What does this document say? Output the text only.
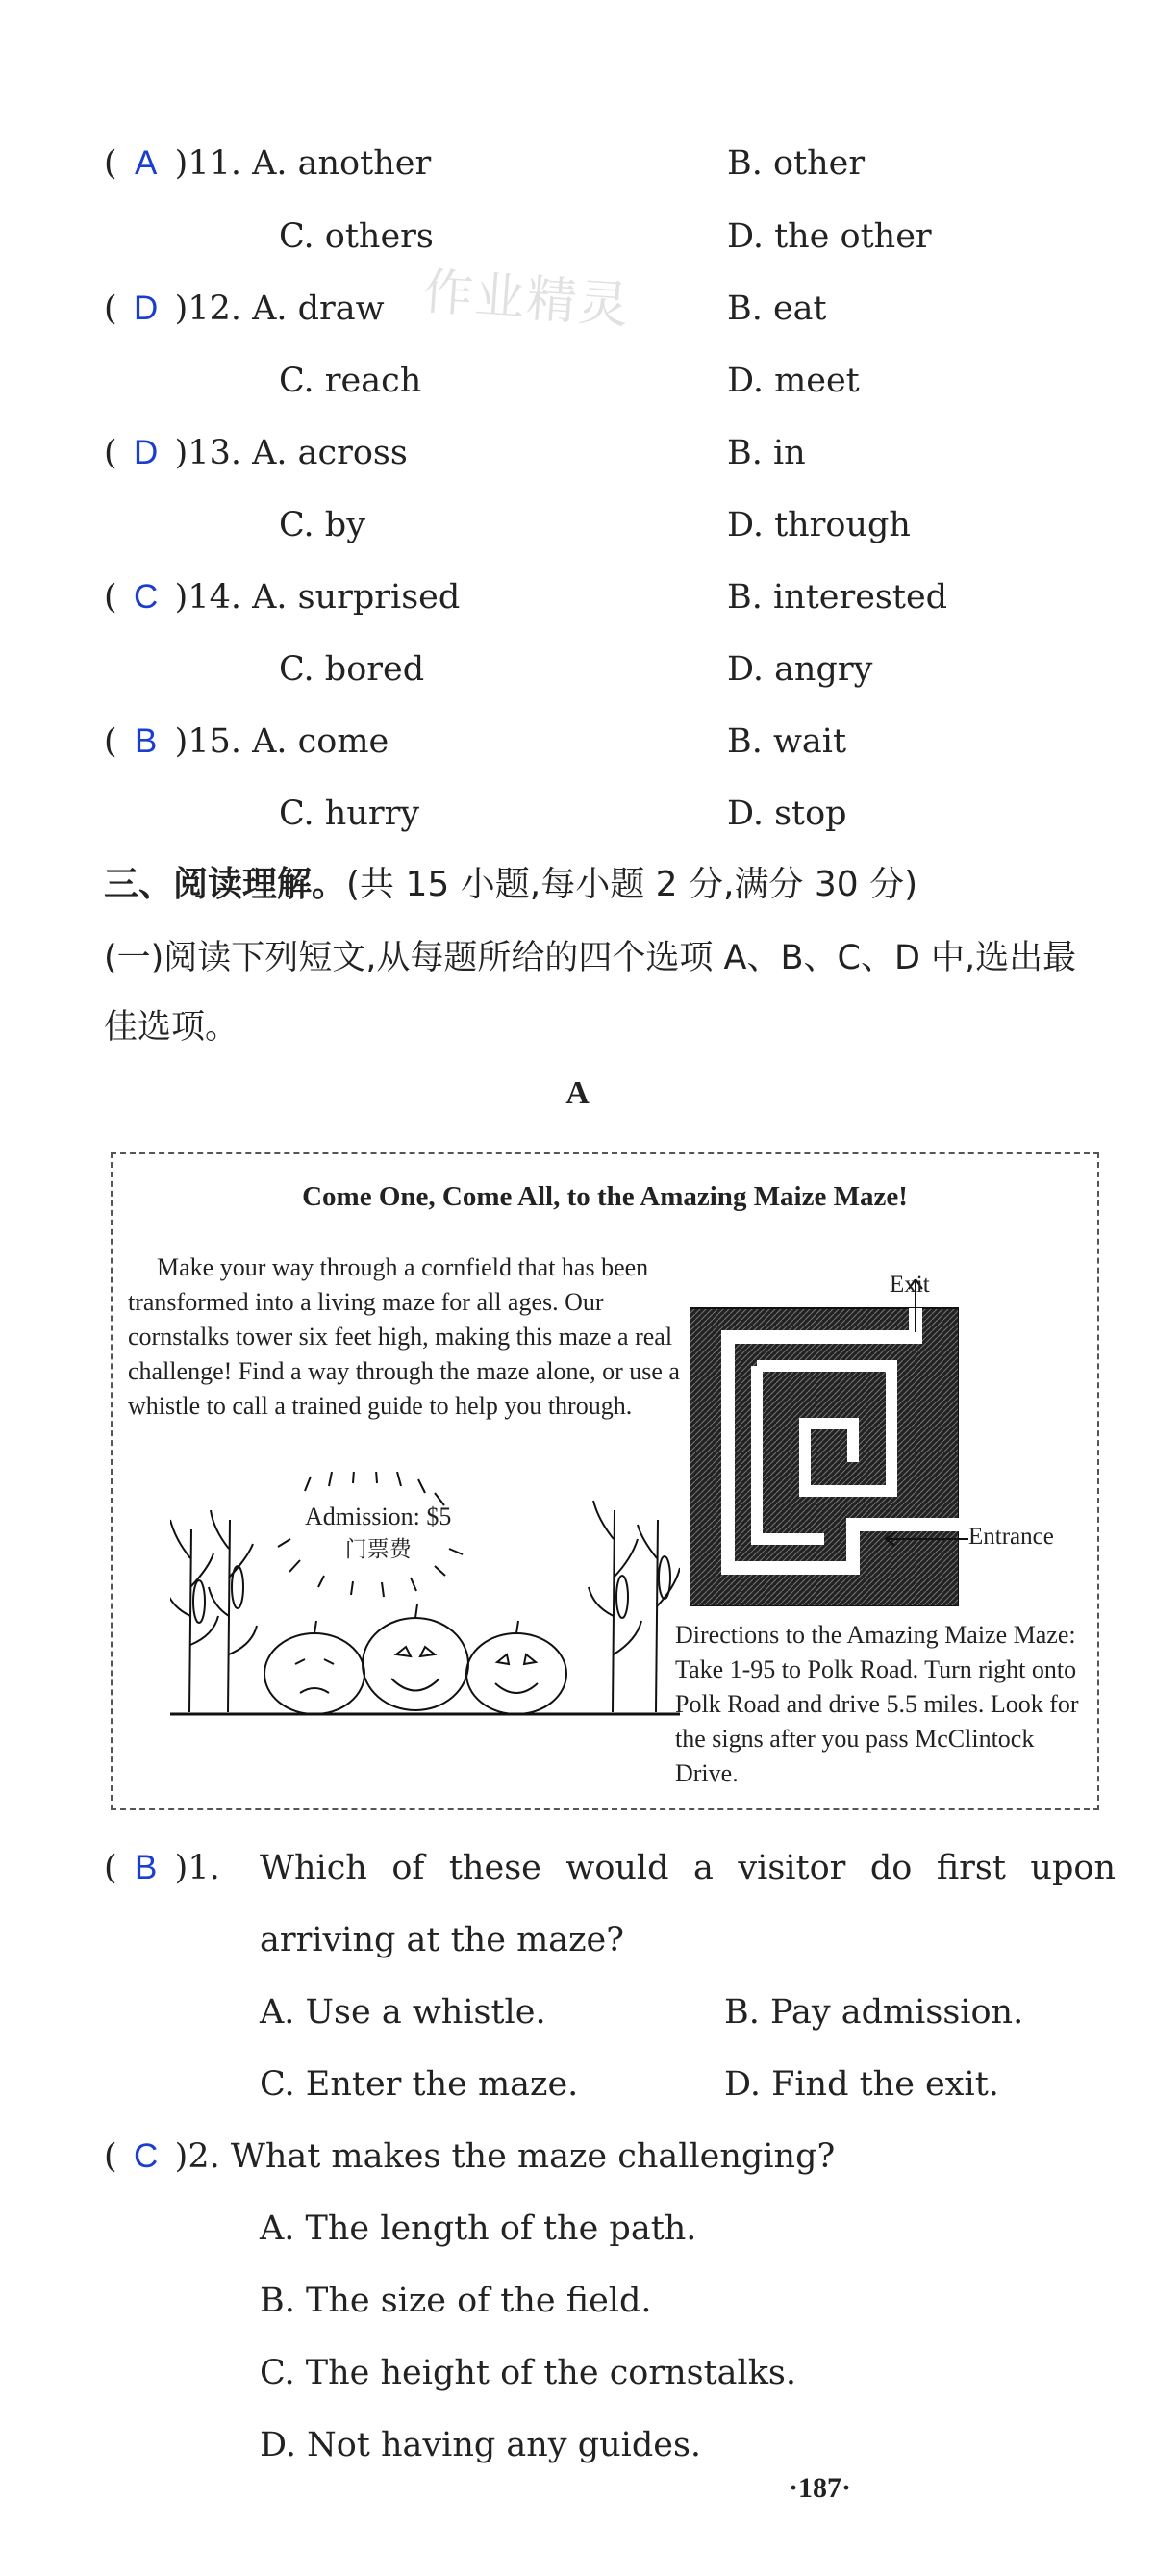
( A )11. A. another	B. other
C. others	D. the other
作业精灵
( D )12. A. draw	B. eat
C. reach	D. meet
( D )13. A. across	B. in
C. by	D. through
( C )14. A. surprised	B. interested
C. bored	D. angry
( B )15. A. come	B. wait
C. hurry	D. stop
三、阅读理解。(共 15 小题,每小题 2 分,满分 30 分)
(一)阅读下列短文,从每题所给的四个选项 A、B、C、D 中,选出最佳选项。
A
Come One, Come All, to the Amazing Maize Maze!
Make your way through a cornfield that has been transformed into a living maze for all ages. Our cornstalks tower six feet high, making this maze a real challenge! Find a way through the maze alone, or use a whistle to call a trained guide to help you through.
Exit
Entrance
Admission: $5
门票费
Directions to the Amazing Maize Maze: Take 1-95 to Polk Road. Turn right onto Polk Road and drive 5.5 miles. Look for the signs after you pass McClintock Drive.
( B )1. Which of these would a visitor do first upon arriving at the maze?
A. Use a whistle.	B. Pay admission.
C. Enter the maze.	D. Find the exit.
( C )2. What makes the maze challenging?
A. The length of the path.
B. The size of the field.
C. The height of the cornstalks.
D. Not having any guides.
·187·
